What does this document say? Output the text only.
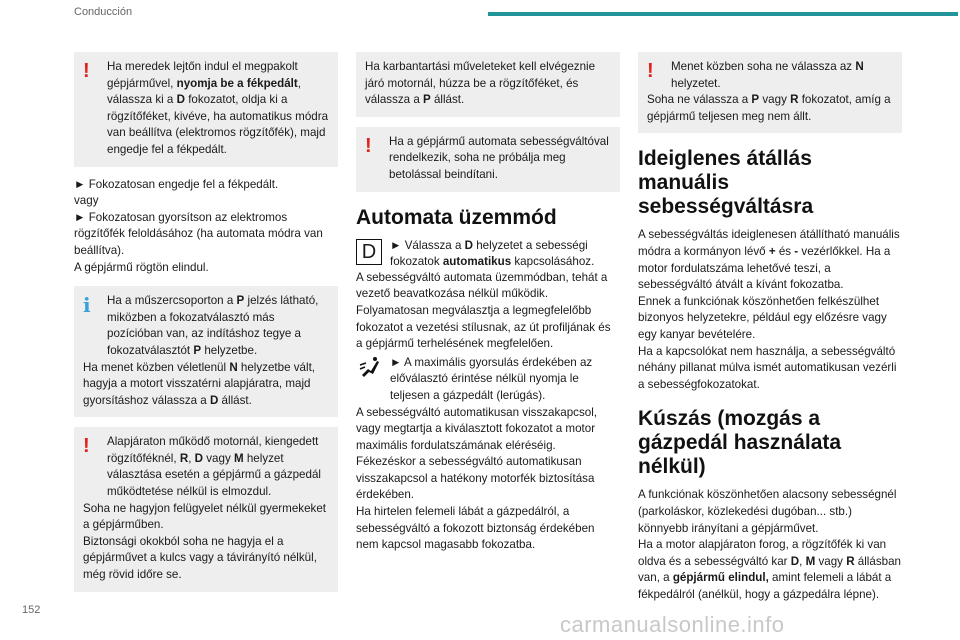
Conducción
!	Ha meredek lejtőn indul el megpakolt gépjárművel, nyomja be a fékpedált, válassza ki a D fokozatot, oldja ki a rögzítőféket, kivéve, ha automatikus módra van beállítva (elektromos rögzítőfék), majd engedje fel a fékpedált.

► Fokozatosan engedje fel a fékpedált.

vagy

► Fokozatosan gyorsítson az elektromos rögzítőfék feloldásához (ha automata módra van beállítva).

A gépjármű rögtön elindul.

i	Ha a műszercsoporton a P jelzés látható, miközben a fokozatválasztó más pozícióban van, az indításhoz tegye a fokozatválasztót P helyzetbe.

Ha menet közben véletlenül N helyzetbe vált, hagyja a motort visszatérni alapjáratra, majd gyorsításhoz válassza a D állást.

!	Alapjáraton működő motornál, kiengedett rögzítőféknél, R, D vagy M helyzet választása esetén a gépjármű a gázpedál működtetése nélkül is elmozdul.

Soha ne hagyjon felügyelet nélkül gyermekeket a gépjárműben.

Biztonsági okokból soha ne hagyja el a gépjárművet a kulcs vagy a távirányító nélkül, még rövid időre se.

Ha karbantartási műveleteket kell elvégeznie járó motornál, húzza be a rögzítőféket, és válassza a P állást.

!	Ha a gépjármű automata sebességváltóval rendelkezik, soha ne próbálja meg betolással beindítani.

Automata üzemmód
D	► Válassza a D helyzetet a sebességi fokozatok automatikus kapcsolásához.

A sebességváltó automata üzemmódban, tehát a vezető beavatkozása nélkül működik.

Folyamatosan megválasztja a legmegfelelőbb fokozatot a vezetési stílusnak, az út profiljának és a gépjármű terhelésének megfelelően.

► A maximális gyorsulás érdekében az előválasztó érintése nélkül nyomja le teljesen a gázpedált (lerúgás).

A sebességváltó automatikusan visszakapcsol, vagy megtartja a kiválasztott fokozatot a motor maximális fordulatszámának eléréséig.

Fékezéskor a sebességváltó automatikusan visszakapcsol a hatékony motorfék biztosítása érdekében.

Ha hirtelen felemeli lábát a gázpedálról, a sebességváltó a fokozott biztonság érdekében nem kapcsol magasabb fokozatba.

!	Menet közben soha ne válassza az N helyzetet.

Soha ne válassza a P vagy R fokozatot, amíg a gépjármű teljesen meg nem állt.

Ideiglenes átállás manuális sebességváltásra

A sebességváltás ideiglenesen átállítható manuális módra a kormányon lévő + és - vezérlőkkel. Ha a motor fordulatszáma lehetővé teszi, a sebességváltó átvált a kívánt fokozatba.

Ennek a funkciónak köszönhetően felkészülhet bizonyos helyzetekre, például egy előzésre vagy egy kanyar bevételére.

Ha a kapcsolókat nem használja, a sebességváltó néhány pillanat múlva ismét automatikusan vezérli a sebességfokozatokat.

Kúszás (mozgás a gázpedál használata nélkül)

A funkciónak köszönhetően alacsony sebességnél (parkoláskor, közlekedési dugóban... stb.) könnyebb irányítani a gépjárművet.

Ha a motor alapjáraton forog, a rögzítőfék ki van oldva és a sebességváltó kar D, M vagy R állásban van, a gépjármű elindul, amint felemeli a lábát a fékpedálról (anélkül, hogy a gázpedálra lépne).

152
carmanualsonline.info
